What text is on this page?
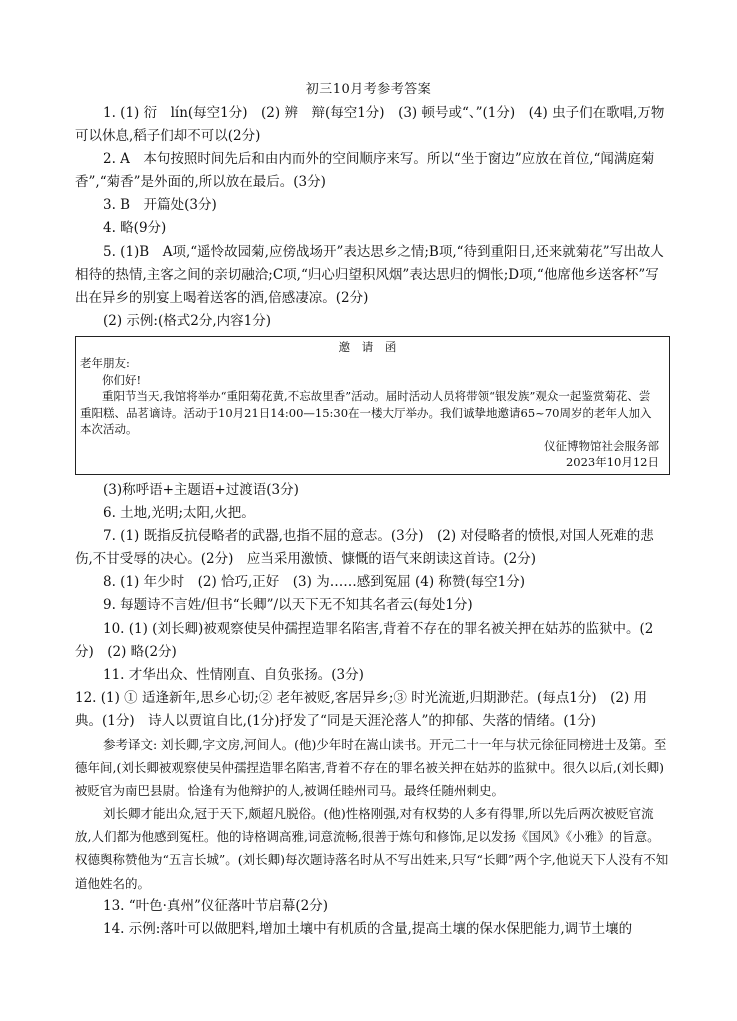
初三10月考参考答案

1. (1) 衍　lín(每空1分)　(2) 辨　辩(每空1分)　(3) 顿号或“、”(1分)　(4) 虫子们在歌唱,万物可以休息,稻子们却不可以(2分)

2. A　本句按照时间先后和由内而外的空间顺序来写。所以“坐于窗边”应放在首位,“闻满庭菊香”,“菊香”是外面的,所以放在最后。(3分)

3. B　开篇处(3分)

4. 略(9分)

5. (1)B　A项,“遥怜故园菊,应傍战场开”表达思乡之情;B项,“待到重阳日,还来就菊花”写出故人相待的热情,主客之间的亲切融洽;C项,“归心归望积风烟”表达思归的惆怅;D项,“他席他乡送客杯”写出在异乡的别宴上喝着送客的酒,倍感凄凉。(2分)

(2) 示例:(格式2分,内容1分)

邀 请 函
老年朋友:
你们好!
重阳节当天,我馆将举办“重阳菊花黄,不忘故里香”活动。届时活动人员将带领“银发族”观众一起鉴赏菊花、尝重阳糕、品茗谪诗。活动于10月21日14:00—15:30在一楼大厅举办。我们诚挚地邀请65~70周岁的老年人加入本次活动。
仪征博物馆社会服务部
2023年10月12日

(3)称呼语+主题语+过渡语(3分)

6. 土地,光明;太阳,火把。

7. (1) 既指反抗侵略者的武器,也指不屈的意志。(3分)　(2) 对侵略者的愤恨,对国人死难的悲伤,不甘受辱的决心。(2分)　应当采用激愤、慷慨的语气来朗读这首诗。(2分)

8. (1) 年少时　(2) 恰巧,正好　(3) 为……感到冤屈 (4) 称赞(每空1分)

9. 每题诗不言姓/但书“长卿”/以天下无不知其名者云(每处1分)

10. (1) (刘长卿)被观察使吴仲孺捏造罪名陷害,背着不存在的罪名被关押在姑苏的监狱中。(2分)　(2) 略(2分)

11. 才华出众、性情刚直、自负张扬。(3分)

12. (1) ① 适逢新年,思乡心切;② 老年被贬,客居异乡;③ 时光流逝,归期渺茫。(每点1分)　(2) 用典。(1分)　诗人以贾谊自比,(1分)抒发了“同是天涯沦落人”的抑郁、失落的情绪。(1分)

参考译文: 刘长卿,字文房,河间人。(他)少年时在嵩山读书。开元二十一年与状元徐征同榜进士及第。至德年间,(刘长卿被观察使吴仲孺捏造罪名陷害,背着不存在的罪名被关押在姑苏的监狱中。很久以后,(刘长卿)被贬官为南巴县尉。恰逢有为他辩护的人,被调任睦州司马。最终任随州刺史。

刘长卿才能出众,冠于天下,颇超凡脱俗。(他)性格刚强,对有权势的人多有得罪,所以先后两次被贬官流放,人们都为他感到冤枉。他的诗格调高雅,词意流畅,很善于炼句和修饰,足以发扬《国风》《小雅》的旨意。权德舆称赞他为“五言长城”。(刘长卿)每次题诗落名时从不写出姓来,只写“长卿”两个字,他说天下人没有不知道他姓名的。

13. “叶色·真州”仪征落叶节启幕(2分)

14. 示例:落叶可以做肥料,增加土壤中有机质的含量,提高土壤的保水保肥能力,调节土壤的
